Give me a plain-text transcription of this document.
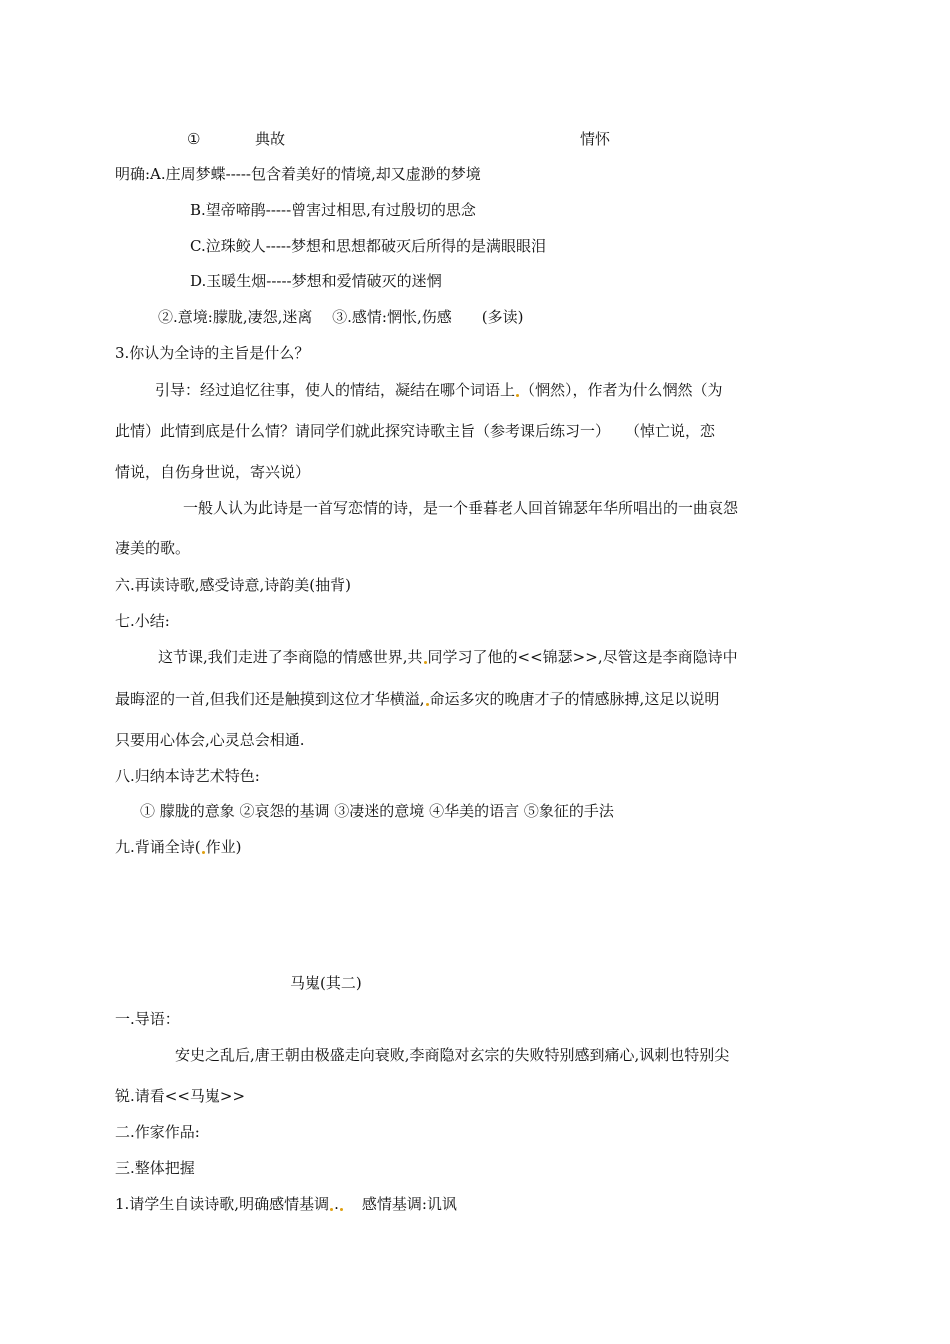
①	典故	情怀
明确:A.庄周梦蝶-----包含着美好的情境,却又虚渺的梦境
B.望帝啼鹃-----曾害过相思,有过殷切的思念
C.泣珠鲛人-----梦想和思想都破灭后所得的是满眼眼泪
D.玉暖生烟-----梦想和爱情破灭的迷惘
②.意境:朦胧,凄怨,迷离　 ③.感情:惘怅,伤感　　(多读)
3.你认为全诗的主旨是什么？
引导：经过追忆往事，使人的情结，凝结在哪个词语上 （惘然），作者为什么惘然（为
此情）此情到底是什么情？请同学们就此探究诗歌主旨（参考课后练习一）　　（悼亡说，恋
情说，自伤身世说，寄兴说）
一般人认为此诗是一首写恋情的诗，是一个垂暮老人回首锦瑟年华所唱出的一曲哀怨
凄美的歌。
六.再读诗歌,感受诗意,诗韵美(抽背)
七.小结:
这节课,我们走进了李商隐的情感世界,共 同学习了他的<<锦瑟>>,尽管这是李商隐诗中
最晦涩的一首,但我们还是触摸到这位才华横溢, 命运多灾的晚唐才子的情感脉搏,这足以说明
只要用心体会,心灵总会相通.
八.归纳本诗艺术特色:
① 朦胧的意象 ②哀怨的基调 ③凄迷的意境 ④华美的语言 ⑤象征的手法
九.背诵全诗( 作业)
马嵬(其二)
一.导语：
安史之乱后,唐王朝由极盛走向衰败,李商隐对玄宗的失败特别感到痛心,讽刺也特别尖
锐.请看<<马嵬>>
二.作家作品:
三.整体把握
1.请学生自读诗歌,明确感情基调 . 感情基调:讥讽
